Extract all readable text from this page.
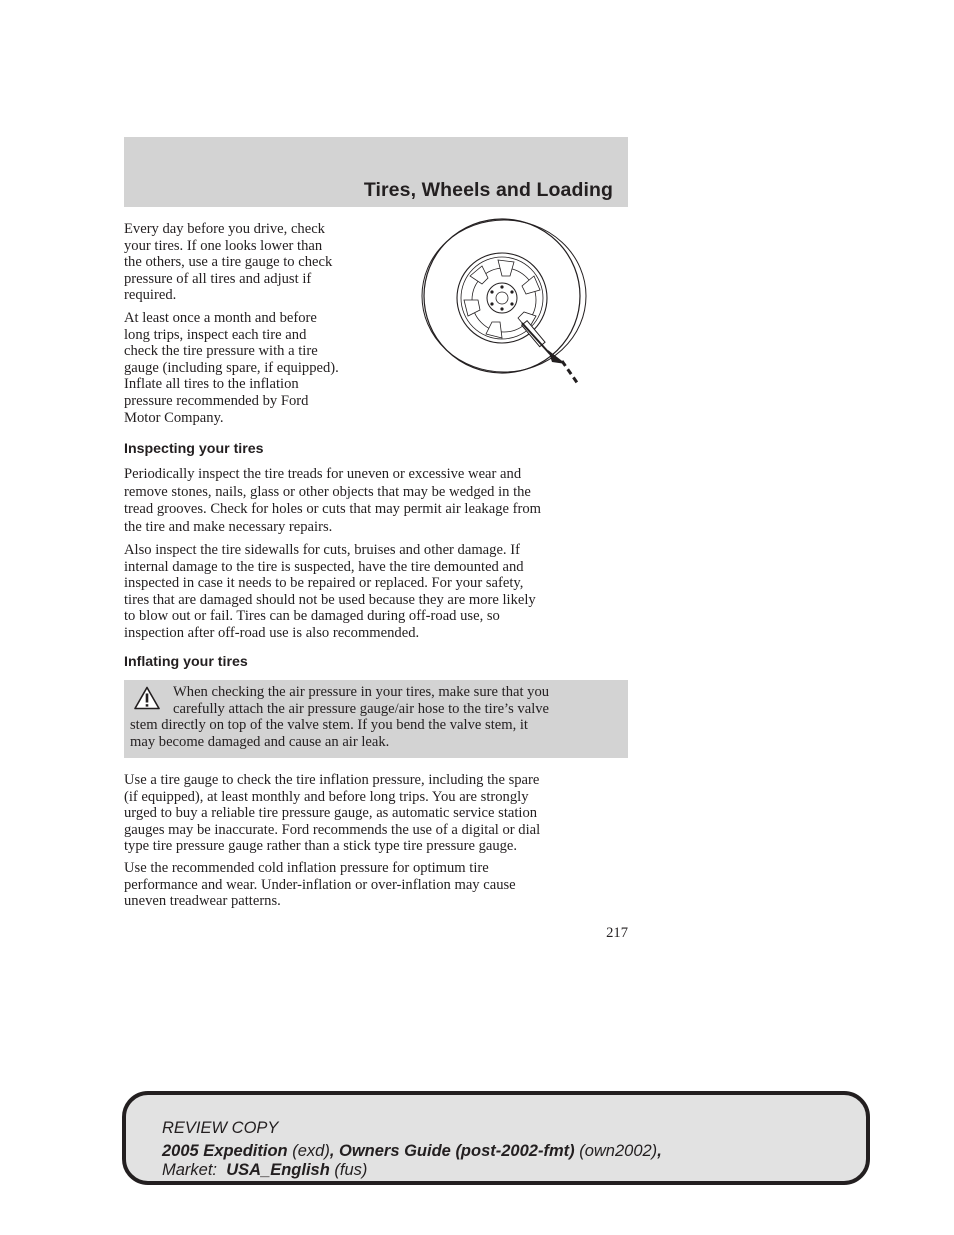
Tires, Wheels and Loading

Every day before you drive, check
your tires. If one looks lower than
the others, use a tire gauge to check
pressure of all tires and adjust if
required.

At least once a month and before
long trips, inspect each tire and
check the tire pressure with a tire
gauge (including spare, if equipped).
Inflate all tires to the inflation
pressure recommended by Ford
Motor Company.

Inspecting your tires

Periodically inspect the tire treads for uneven or excessive wear and
remove stones, nails, glass or other objects that may be wedged in the
tread grooves. Check for holes or cuts that may permit air leakage from
the tire and make necessary repairs.

Also inspect the tire sidewalls for cuts, bruises and other damage. If
internal damage to the tire is suspected, have the tire demounted and
inspected in case it needs to be repaired or replaced. For your safety,
tires that are damaged should not be used because they are more likely
to blow out or fail. Tires can be damaged during off-road use, so
inspection after off-road use is also recommended.

Inflating your tires

When checking the air pressure in your tires, make sure that you
carefully attach the air pressure gauge/air hose to the tire’s valve
stem directly on top of the valve stem. If you bend the valve stem, it
may become damaged and cause an air leak.

Use a tire gauge to check the tire inflation pressure, including the spare
(if equipped), at least monthly and before long trips. You are strongly
urged to buy a reliable tire pressure gauge, as automatic service station
gauges may be inaccurate. Ford recommends the use of a digital or dial
type tire pressure gauge rather than a stick type tire pressure gauge.

Use the recommended cold inflation pressure for optimum tire
performance and wear. Under-inflation or over-inflation may cause
uneven treadwear patterns.

217

REVIEW COPY

2005 Expedition (exd), Owners Guide (post-2002-fmt) (own2002),

Market: USA_English (fus)
